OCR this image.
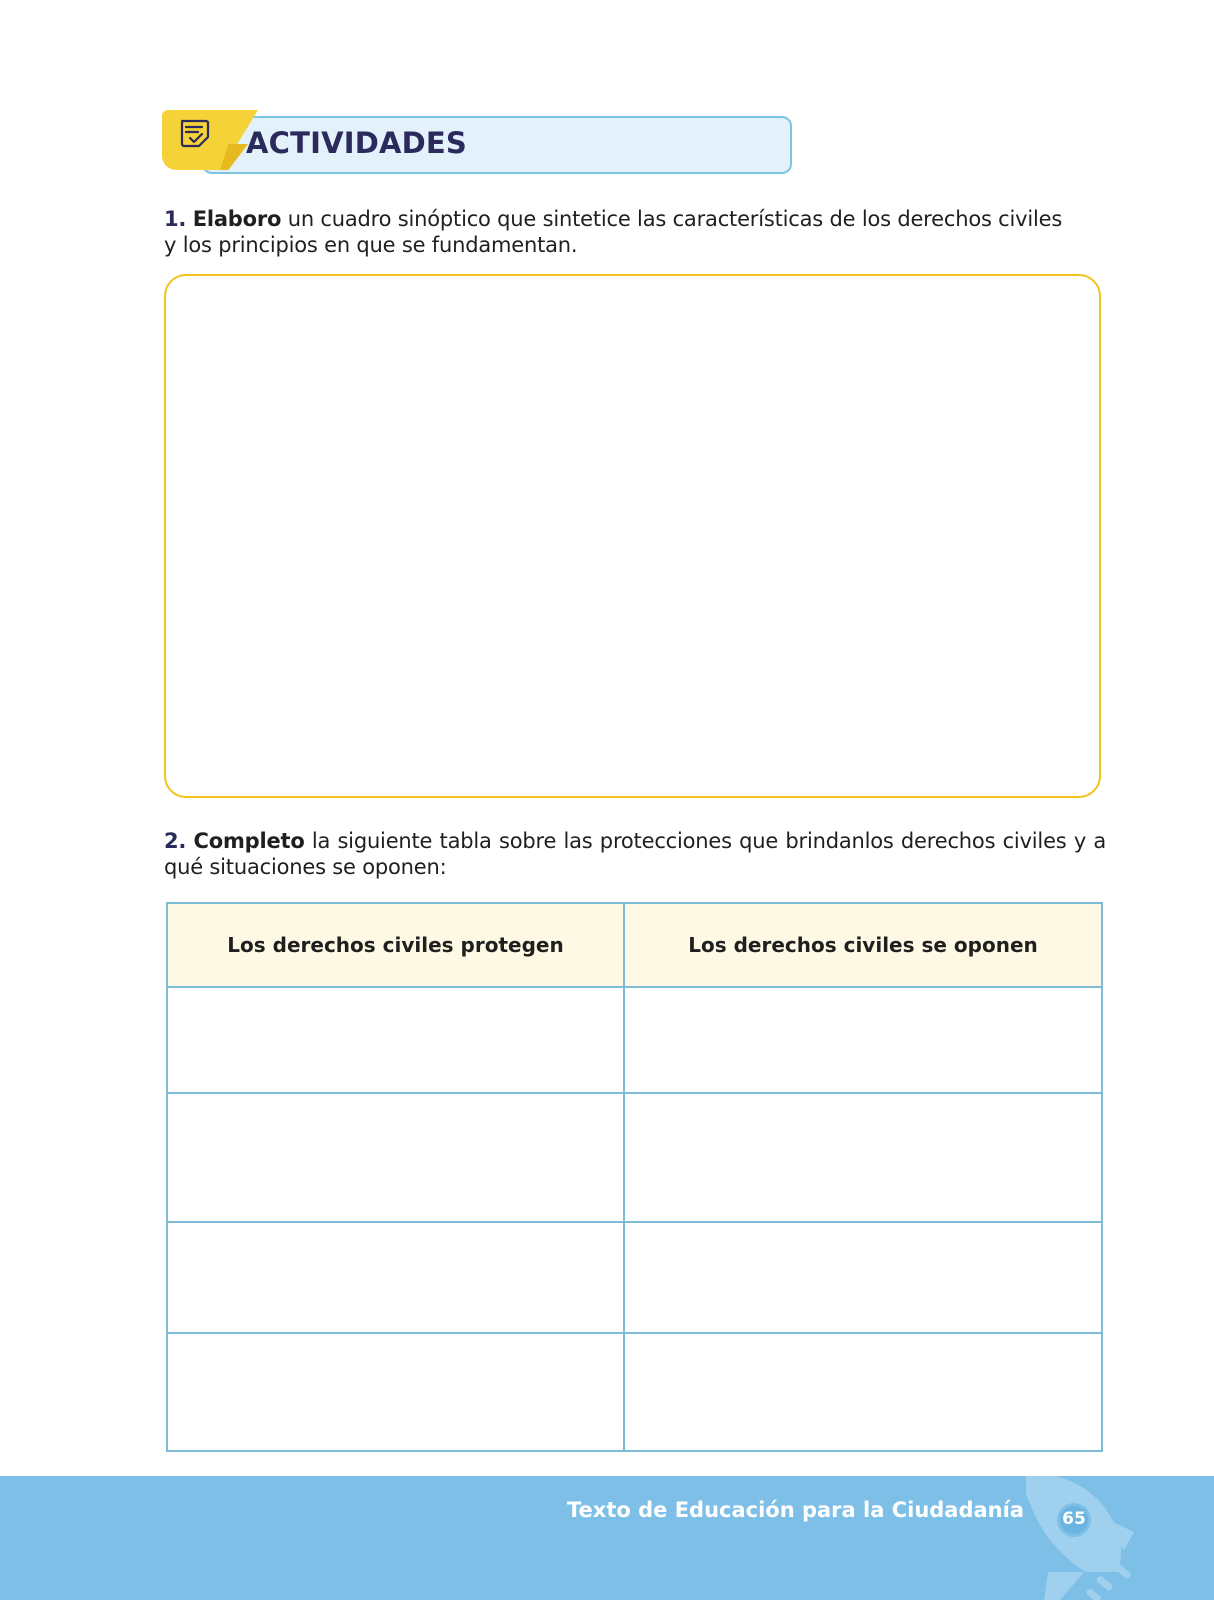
ACTIVIDADES

1. Elaboro un cuadro sinóptico que sintetice las características de los derechos civiles y los principios en que se fundamentan.

2. Completo la siguiente tabla sobre las protecciones que brindanlos derechos civiles y a qué situaciones se oponen:

Los derechos civiles protegen	Los derechos civiles se oponen

Texto de Educación para la Ciudadanía	65
